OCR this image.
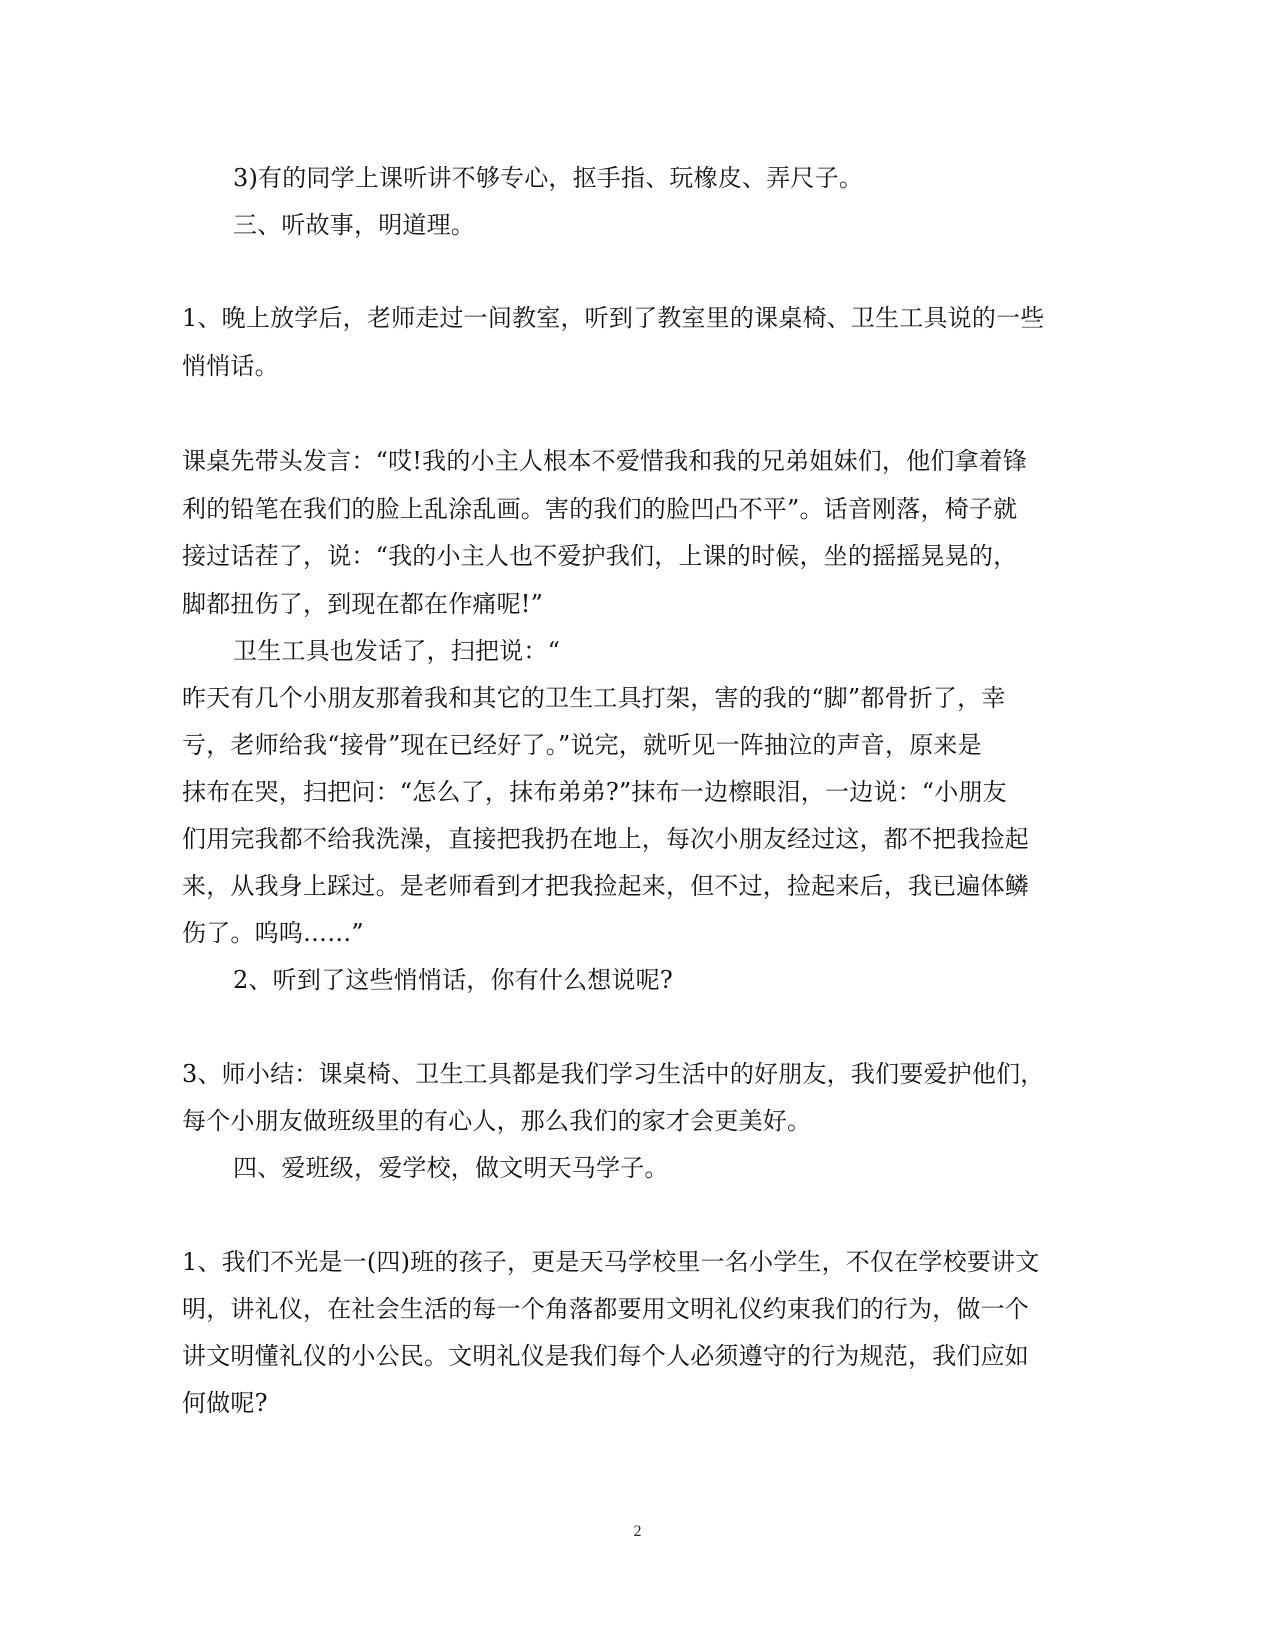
3)有的同学上课听讲不够专心，抠手指、玩橡皮、弄尺子。

三、听故事，明道理。

1、晚上放学后，老师走过一间教室，听到了教室里的课桌椅、卫生工具说的一些

悄悄话。

课桌先带头发言：“哎!我的小主人根本不爱惜我和我的兄弟姐妹们，他们拿着锋

利的铅笔在我们的脸上乱涂乱画。害的我们的脸凹凸不平”。话音刚落，椅子就

接过话茬了，说：“我的小主人也不爱护我们，上课的时候，坐的摇摇晃晃的，

脚都扭伤了，到现在都在作痛呢!”

卫生工具也发话了，扫把说：“

昨天有几个小朋友那着我和其它的卫生工具打架，害的我的“脚”都骨折了，幸

亏，老师给我“接骨”现在已经好了。”说完，就听见一阵抽泣的声音，原来是

抹布在哭，扫把问：“怎么了，抹布弟弟?”抹布一边檫眼泪，一边说：“小朋友

们用完我都不给我洗澡，直接把我扔在地上，每次小朋友经过这，都不把我捡起

来，从我身上踩过。是老师看到才把我捡起来，但不过，捡起来后，我已遍体鳞

伤了。呜呜……”

2、听到了这些悄悄话，你有什么想说呢?

3、师小结：课桌椅、卫生工具都是我们学习生活中的好朋友，我们要爱护他们，

每个小朋友做班级里的有心人，那么我们的家才会更美好。

四、爱班级，爱学校，做文明天马学子。

1、我们不光是一(四)班的孩子，更是天马学校里一名小学生，不仅在学校要讲文

明，讲礼仪，在社会生活的每一个角落都要用文明礼仪约束我们的行为，做一个

讲文明懂礼仪的小公民。文明礼仪是我们每个人必须遵守的行为规范，我们应如

何做呢?

2
